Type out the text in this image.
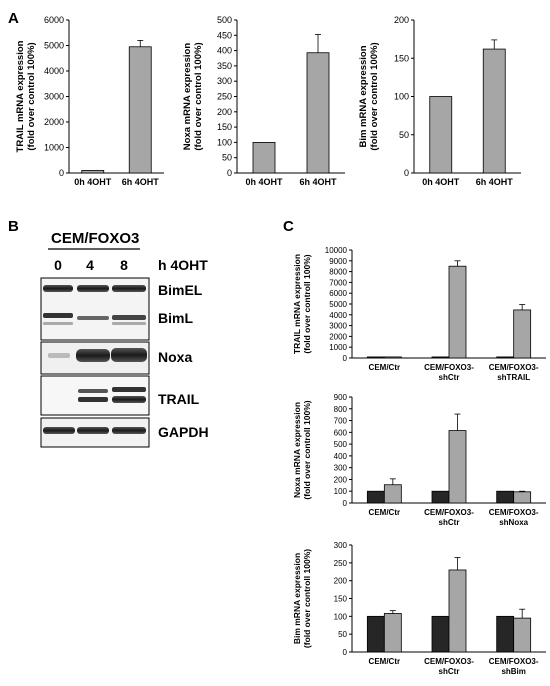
A
B	C
0
1000
2000
3000
4000
5000
6000
TRAIL mRNA expression (fold over control 100%)
0h 4OHT 6h 4OHT
0
50
100
150
200
250
300
350
400
450
500
Noxa mRNA expression (fold over control 100%)
0h 4OHT 6h 4OHT
0
50
100
150
200
Bim mRNA expression (fold over control 100%)
0h 4OHT 6h 4OHT
0
1000
2000
3000
4000
5000
6000
7000
8000
9000
10000
TRAIL mRNA expression (fold over controll 100%)
CEM/Ctr	CEM/FOXO3-
shCtr
CEM/FOXO3-
shTRAIL
0
100
200
300
400
500
600
700
800
900
Noxa mRNA expression (fold over controll 100%)
CEM/Ctr	CEM/FOXO3-
shCtr
CEM/FOXO3-
shNoxa
0
50
100
150
200
250
300
Bim mRNA expression (fold over controll 100%)
CEM/Ctr	CEM/FOXO3-
shCtr
CEM/FOXO3-
shBim
CEM/FOXO3
0 4 8 h 4OHT
BimEL
BimL
Noxa
TRAIL
GAPDH
